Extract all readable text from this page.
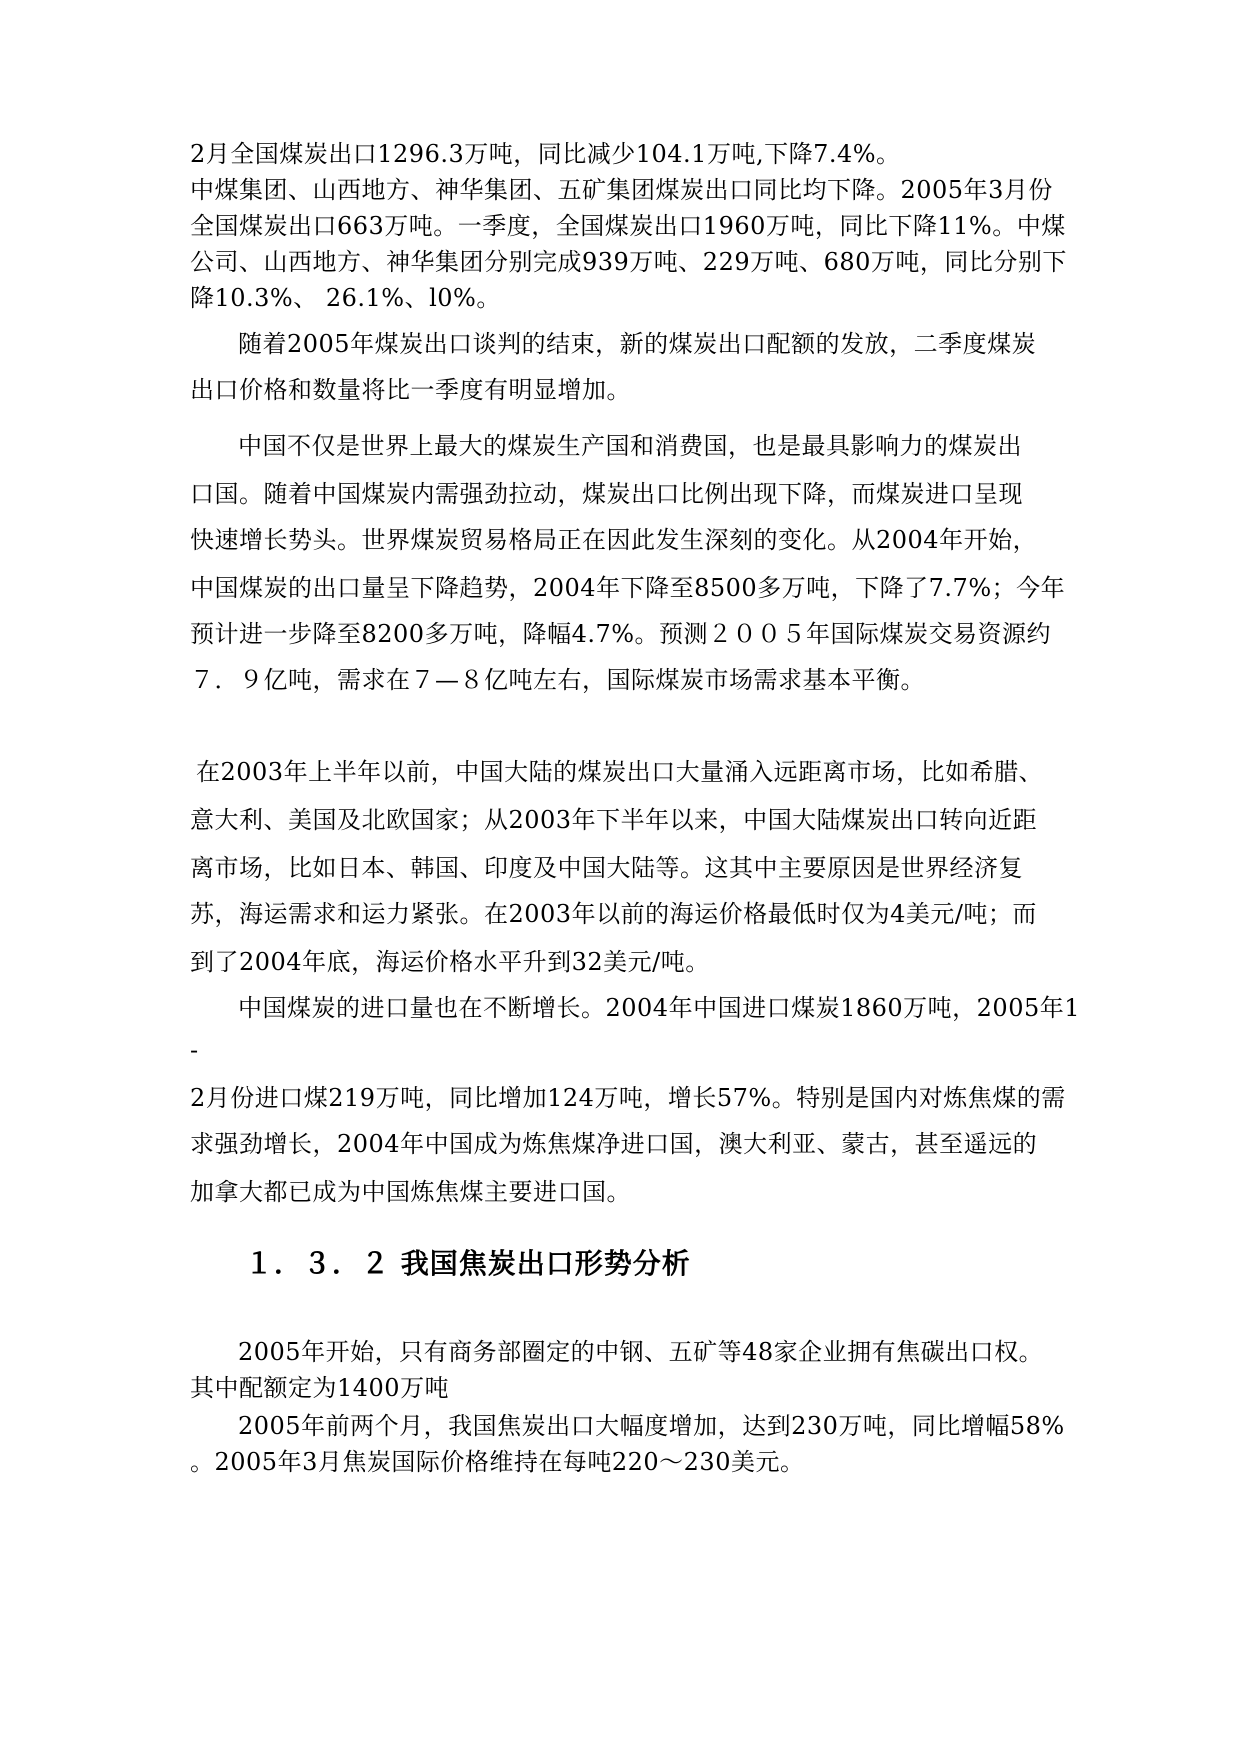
2月全国煤炭出口1296.3万吨，同比减少104.1万吨,下降7.4%。
中煤集团、山西地方、神华集团、五矿集团煤炭出口同比均下降。2005年3月份
全国煤炭出口663万吨。一季度，全国煤炭出口1960万吨，同比下降11%。中煤
公司、山西地方、神华集团分别完成939万吨、229万吨、680万吨，同比分别下
降10.3%、 26.1%、l0%。
随着2005年煤炭出口谈判的结束，新的煤炭出口配额的发放，二季度煤炭
出口价格和数量将比一季度有明显增加。
中国不仅是世界上最大的煤炭生产国和消费国，也是最具影响力的煤炭出
口国。随着中国煤炭内需强劲拉动，煤炭出口比例出现下降，而煤炭进口呈现
快速增长势头。世界煤炭贸易格局正在因此发生深刻的变化。从2004年开始，
中国煤炭的出口量呈下降趋势，2004年下降至8500多万吨，下降了7.7%；今年
预计进一步降至8200多万吨，降幅4.7%。预测２００５年国际煤炭交易资源约
７．９亿吨，需求在７—８亿吨左右，国际煤炭市场需求基本平衡。
在2003年上半年以前，中国大陆的煤炭出口大量涌入远距离市场，比如希腊、
意大利、美国及北欧国家；从2003年下半年以来，中国大陆煤炭出口转向近距
离市场，比如日本、韩国、印度及中国大陆等。这其中主要原因是世界经济复
苏，海运需求和运力紧张。在2003年以前的海运价格最低时仅为4美元/吨；而
到了2004年底，海运价格水平升到32美元/吨。
中国煤炭的进口量也在不断增长。2004年中国进口煤炭1860万吨，2005年1
-
2月份进口煤219万吨，同比增加124万吨，增长57%。特别是国内对炼焦煤的需
求强劲增长，2004年中国成为炼焦煤净进口国，澳大利亚、蒙古，甚至遥远的
加拿大都已成为中国炼焦煤主要进口国。
１．３．２ 我国焦炭出口形势分析
2005年开始，只有商务部圈定的中钢、五矿等48家企业拥有焦碳出口权。
其中配额定为1400万吨
2005年前两个月，我国焦炭出口大幅度增加，达到230万吨，同比增幅58%
。2005年3月焦炭国际价格维持在每吨220～230美元。
